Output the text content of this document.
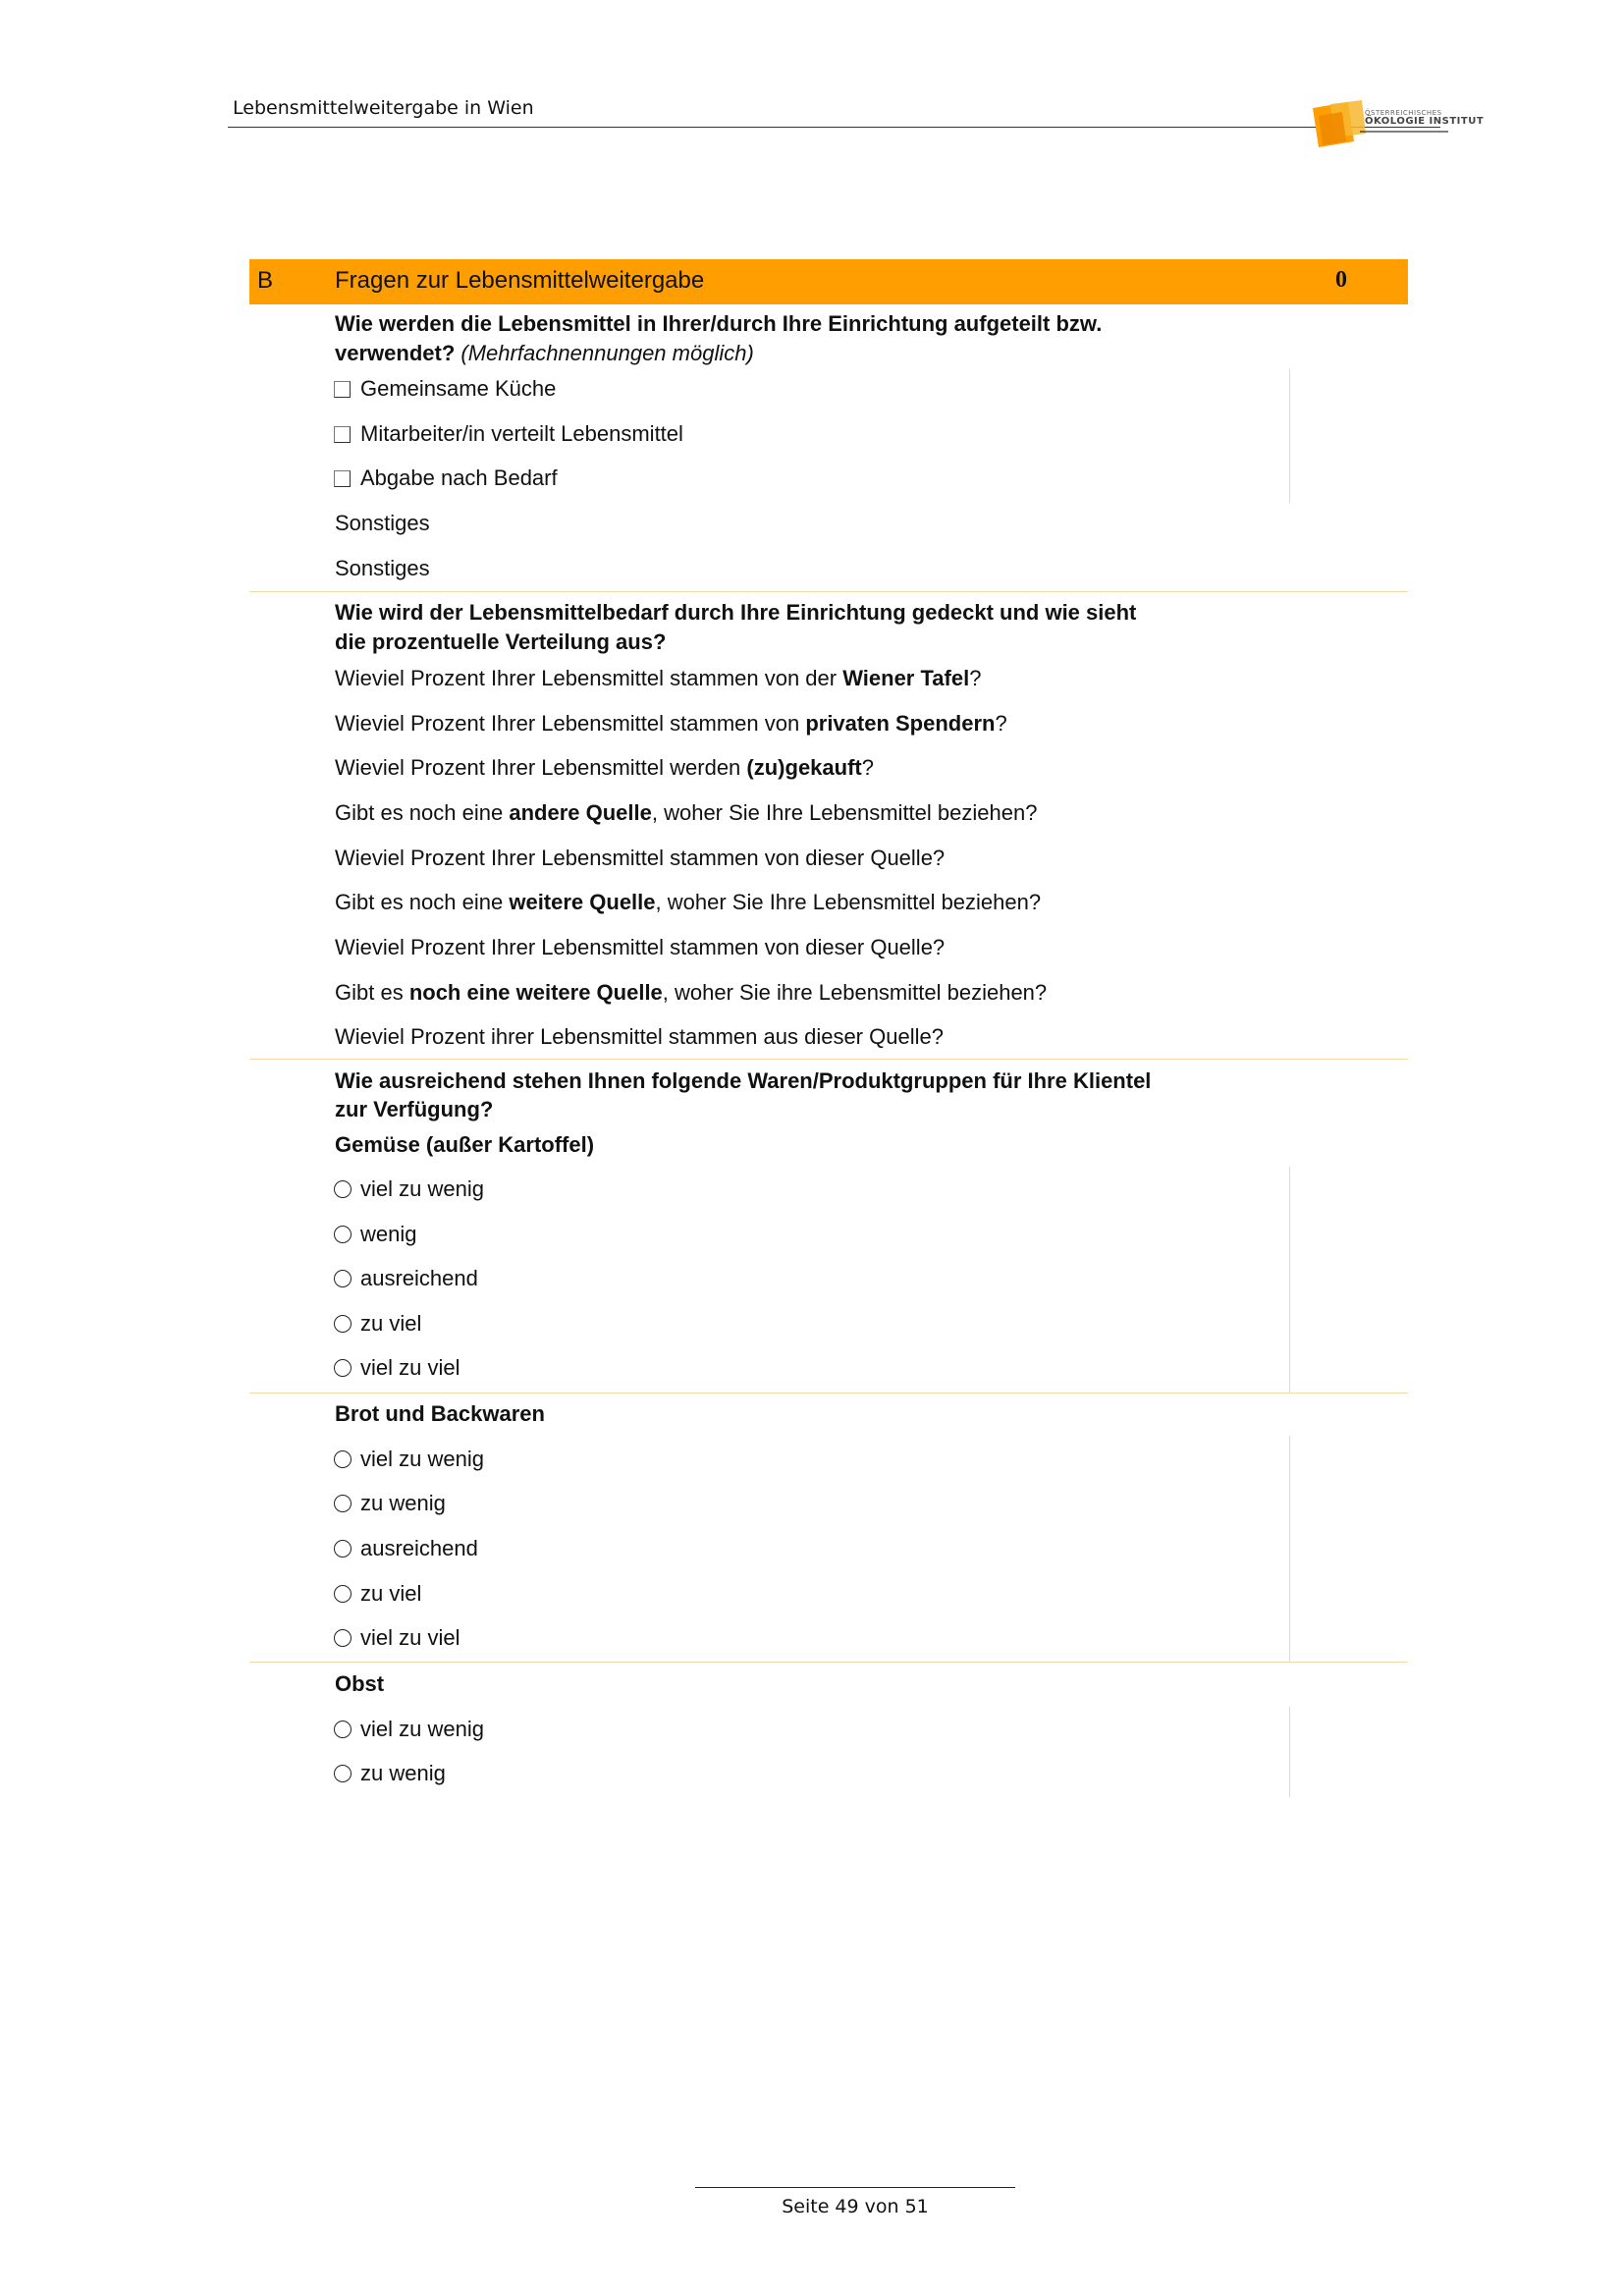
Lebensmittelweitergabe in Wien	ÖSTERREICHISCHES
ÖKOLOGIE INSTITUT
B	Fragen zur Lebensmittelweitergabe	0
Wie werden die Lebensmittel in Ihrer/durch Ihre Einrichtung aufgeteilt bzw.
verwendet? (Mehrfachnennungen möglich)
Gemeinsame Küche
Mitarbeiter/in verteilt Lebensmittel
Abgabe nach Bedarf
Sonstiges
Sonstiges
Wie wird der Lebensmittelbedarf durch Ihre Einrichtung gedeckt und wie sieht
die prozentuelle Verteilung aus?
Wieviel Prozent Ihrer Lebensmittel stammen von der Wiener Tafel?
Wieviel Prozent Ihrer Lebensmittel stammen von privaten Spendern?
Wieviel Prozent Ihrer Lebensmittel werden (zu)gekauft?
Gibt es noch eine andere Quelle, woher Sie Ihre Lebensmittel beziehen?
Wieviel Prozent Ihrer Lebensmittel stammen von dieser Quelle?
Gibt es noch eine weitere Quelle, woher Sie Ihre Lebensmittel beziehen?
Wieviel Prozent Ihrer Lebensmittel stammen von dieser Quelle?
Gibt es noch eine weitere Quelle, woher Sie ihre Lebensmittel beziehen?
Wieviel Prozent ihrer Lebensmittel stammen aus dieser Quelle?
Wie ausreichend stehen Ihnen folgende Waren/Produktgruppen für Ihre Klientel
zur Verfügung?
Gemüse (außer Kartoffel)
viel zu wenig
wenig
ausreichend
zu viel
viel zu viel
Brot und Backwaren
viel zu wenig
zu wenig
ausreichend
zu viel
viel zu viel
Obst
viel zu wenig
zu wenig
Seite 49 von 51
